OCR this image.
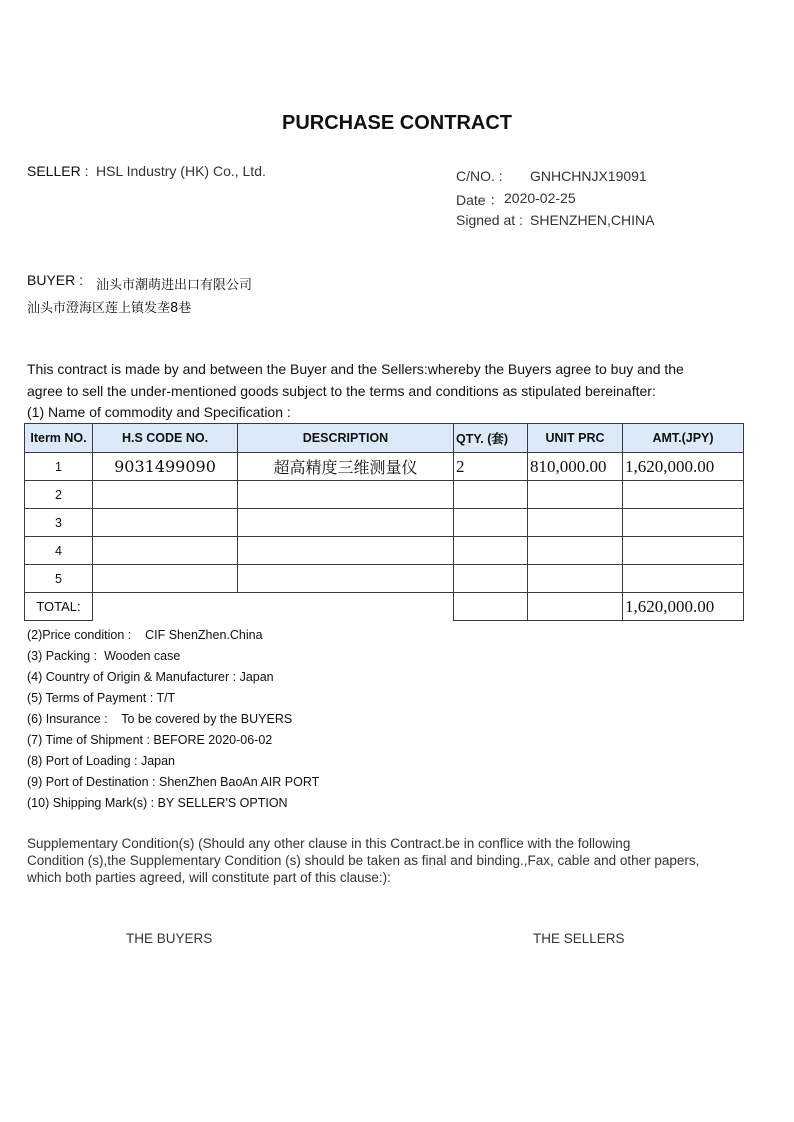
PURCHASE CONTRACT
SELLER : HSL Industry (HK) Co., Ltd.	C/NO. : GNHCHNJX19091
Date ： 2020-02-25
Signed at : SHENZHEN,CHINA
BUYER : 汕头市潮萌进出口有限公司
汕头市澄海区莲上镇发垄8巷
This contract is made by and between the Buyer and the Sellers:whereby the Buyers agree to buy and the
agree to sell the under-mentioned goods subject to the terms and conditions as stipulated bereinafter:
(1) Name of commodity and Specification :
Iterm NO.	H.S CODE NO.	DESCRIPTION	QTY. (套)	UNIT PRC	AMT.(JPY)
1	9031499090	超高精度三维测量仪	2	810,000.00	1,620,000.00
2					
3					
4					
5					
TOTAL:					1,620,000.00
(2)Price condition :    CIF ShenZhen.China
(3) Packing :  Wooden case
(4) Country of Origin & Manufacturer : Japan
(5) Terms of Payment : T/T
(6) Insurance :    To be covered by the BUYERS
(7) Time of Shipment : BEFORE 2020-06-02
(8) Port of Loading : Japan
(9) Port of Destination : ShenZhen BaoAn AIR PORT
(10) Shipping Mark(s) : BY SELLER'S OPTION
Supplementary Condition(s) (Should any other clause in this Contract.be in conflice with the following
Condition (s),the Supplementary Condition (s) should be taken as final and binding.,Fax, cable and other papers,
which both parties agreed, will constitute part of this clause:):
THE BUYERS	THE SELLERS
